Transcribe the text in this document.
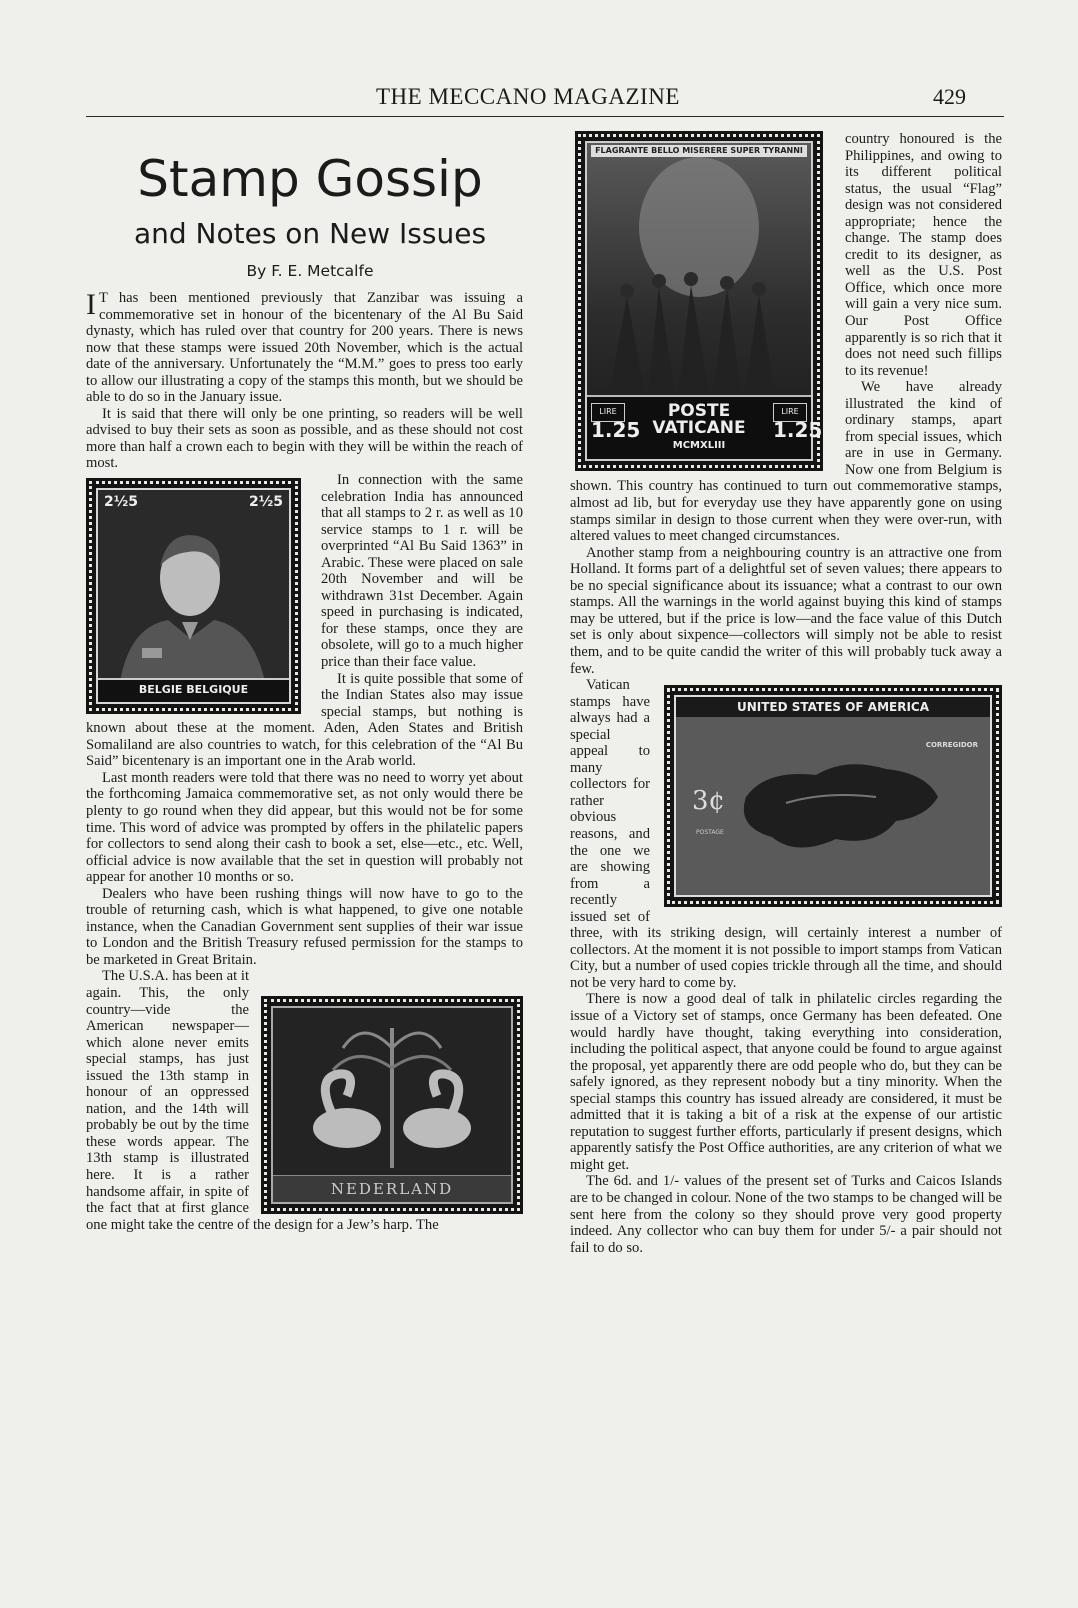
THE MECCANO MAGAZINE	429
Stamp Gossip
and Notes on New Issues
By F. E. Metcalfe

I T has been mentioned previously that Zanzibar was issuing a commemorative set in honour of the bicentenary of the Al Bu Said dynasty, which has ruled over that country for 200 years. There is news now that these stamps were issued 20th November, which is the actual date of the anniversary. Unfortunately the “M.M.” goes to press too early to allow our illustrating a copy of the stamps this month, but we should be able to do so in the January issue.

It is said that there will only be one printing, so readers will be well advised to buy their sets as soon as possible, and as these should not cost more than half a crown each to begin with they will be within the reach of most.

2½5	2½5
BELGIE BELGIQUE

In connection with the same celebration India has announced that all stamps to 2 r. as well as 10 service stamps to 1 r. will be overprinted “Al Bu Said 1363” in Arabic. These were placed on sale 20th November and will be withdrawn 31st December. Again speed in purchasing is indicated, for these stamps, once they are obsolete, will go to a much higher price than their face value.

It is quite possible that some of the Indian States also may issue special stamps, but nothing is known about these at the moment. Aden, Aden States and British Somaliland are also countries to watch, for this celebration of the “Al Bu Said” bicentenary is an important one in the Arab world.

Last month readers were told that there was no need to worry yet about the forthcoming Jamaica commemorative set, as not only would there be plenty to go round when they did appear, but this would not be for some time. This word of advice was prompted by offers in the philatelic papers for collectors to send along their cash to book a set, else—etc., etc. Well, official advice is now available that the set in question will probably not appear for another 10 months or so.

Dealers who have been rushing things will now have to go to the trouble of returning cash, which is what happened, to give one notable instance, when the Canadian Government sent supplies of their war issue to London and the British Treasury refused permission for the stamps to be marketed in Great Britain.

NEDERLAND

The U.S.A. has been at it again. This, the only country—vide the American newspaper—which alone never emits special stamps, has just issued the 13th stamp in honour of an oppressed nation, and the 14th will probably be out by the time these words appear. The 13th stamp is illustrated here. It is a rather handsome affair, in spite of the fact that at first glance one might take the centre of the design for a Jew’s harp. The

FLAGRANTE BELLO MISERERE SUPER TYRANNI
LIRE
1.25
POSTE
VATICANE
MCMXLIII
LIRE
1.25

country honoured is the Philippines, and owing to its different political status, the usual “Flag” design was not considered appropriate; hence the change. The stamp does credit to its designer, as well as the U.S. Post Office, which once more will gain a very nice sum. Our Post Office apparently is so rich that it does not need such fillips to its revenue!

We have already illustrated the kind of ordinary stamps, apart from special issues, which are in use in Germany. Now one from Belgium is shown. This country has continued to turn out commemorative stamps, almost ad lib, but for everyday use they have apparently gone on using stamps similar in design to those current when they were over-run, with altered values to meet changed circumstances.

Another stamp from a neighbouring country is an attractive one from Holland. It forms part of a delightful set of seven values; there appears to be no special significance about its issuance; what a contrast to our own stamps. All the warnings in the world against buying this kind of stamps may be uttered, but if the price is low—and the face value of this Dutch set is only about sixpence—collectors will simply not be able to resist them, and to be quite candid the writer of this will probably tuck away a few.

UNITED STATES OF AMERICA
CORREGIDOR
3¢
POSTAGE

Vatican stamps have always had a special appeal to many collectors for rather obvious reasons, and the one we are showing from a recently issued set of three, with its striking design, will certainly interest a number of collectors. At the moment it is not possible to import stamps from Vatican City, but a number of used copies trickle through all the time, and should not be very hard to come by.

There is now a good deal of talk in philatelic circles regarding the issue of a Victory set of stamps, once Germany has been defeated. One would hardly have thought, taking everything into consideration, including the political aspect, that anyone could be found to argue against the proposal, yet apparently there are odd people who do, but they can be safely ignored, as they represent nobody but a tiny minority. When the special stamps this country has issued already are considered, it must be admitted that it is taking a bit of a risk at the expense of our artistic reputation to suggest further efforts, particularly if present designs, which apparently satisfy the Post Office authorities, are any criterion of what we might get.

The 6d. and 1/- values of the present set of Turks and Caicos Islands are to be changed in colour. None of the two stamps to be changed will be sent here from the colony so they should prove very good property indeed. Any collector who can buy them for under 5/- a pair should not fail to do so.
